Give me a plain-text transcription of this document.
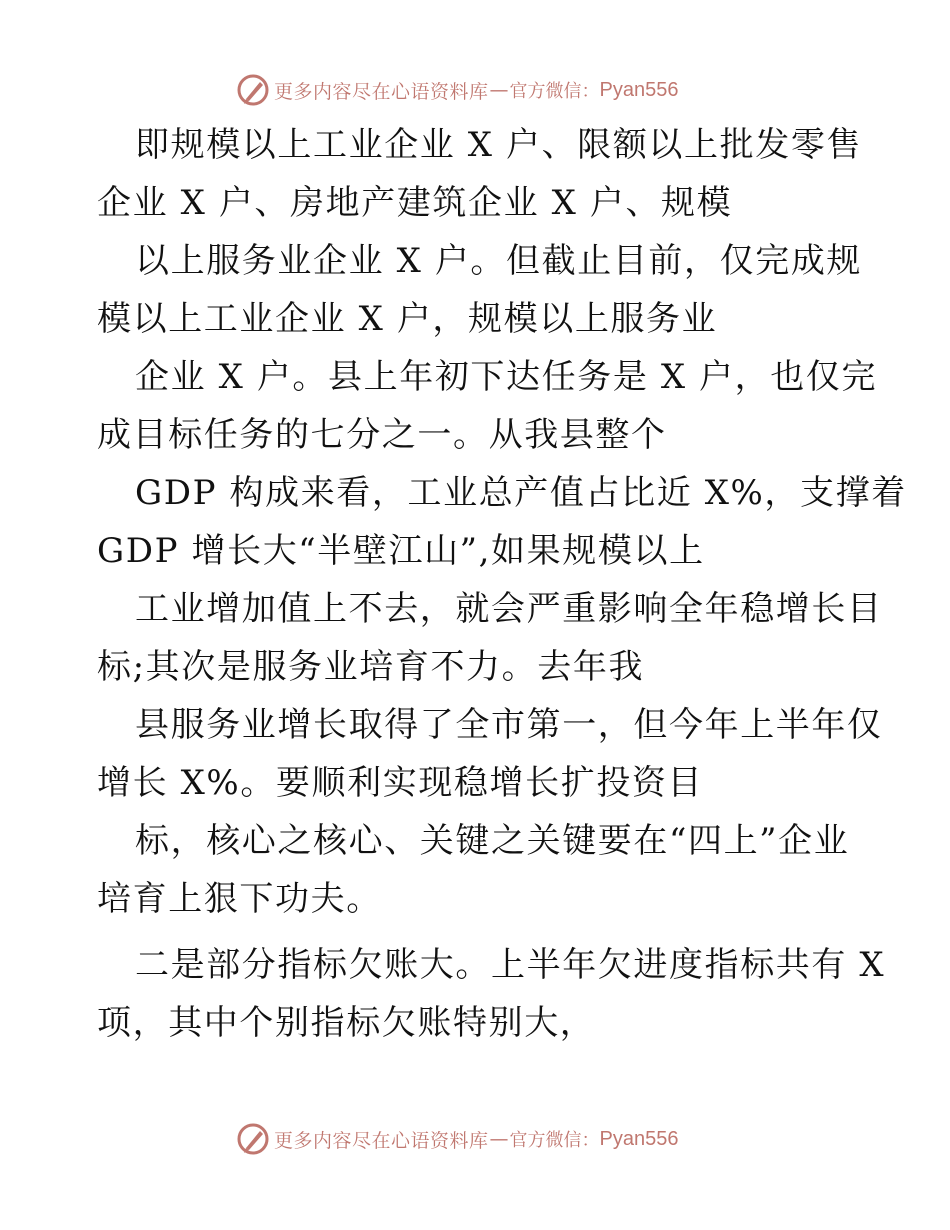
更多内容尽在心语资料库 — 官方微信： Pyan556
即规模以上工业企业 X 户、限额以上批发零售
企业 X 户、房地产建筑企业 X 户、规模
以上服务业企业 X 户。但截止目前，仅完成规
模以上工业企业 X 户，规模以上服务业
企业 X 户。县上年初下达任务是 X 户，也仅完
成目标任务的七分之一。从我县整个
GDP 构成来看，工业总产值占比近 X%，支撑着
GDP 增长大“半壁江山”,如果规模以上
工业增加值上不去，就会严重影响全年稳增长目
标;其次是服务业培育不力。去年我
县服务业增长取得了全市第一，但今年上半年仅
增长 X%。要顺利实现稳增长扩投资目
标，核心之核心、关键之关键要在“四上”企业
培育上狠下功夫。
二是部分指标欠账大。上半年欠进度指标共有 X
项，其中个别指标欠账特别大，
更多内容尽在心语资料库 — 官方微信： Pyan556
